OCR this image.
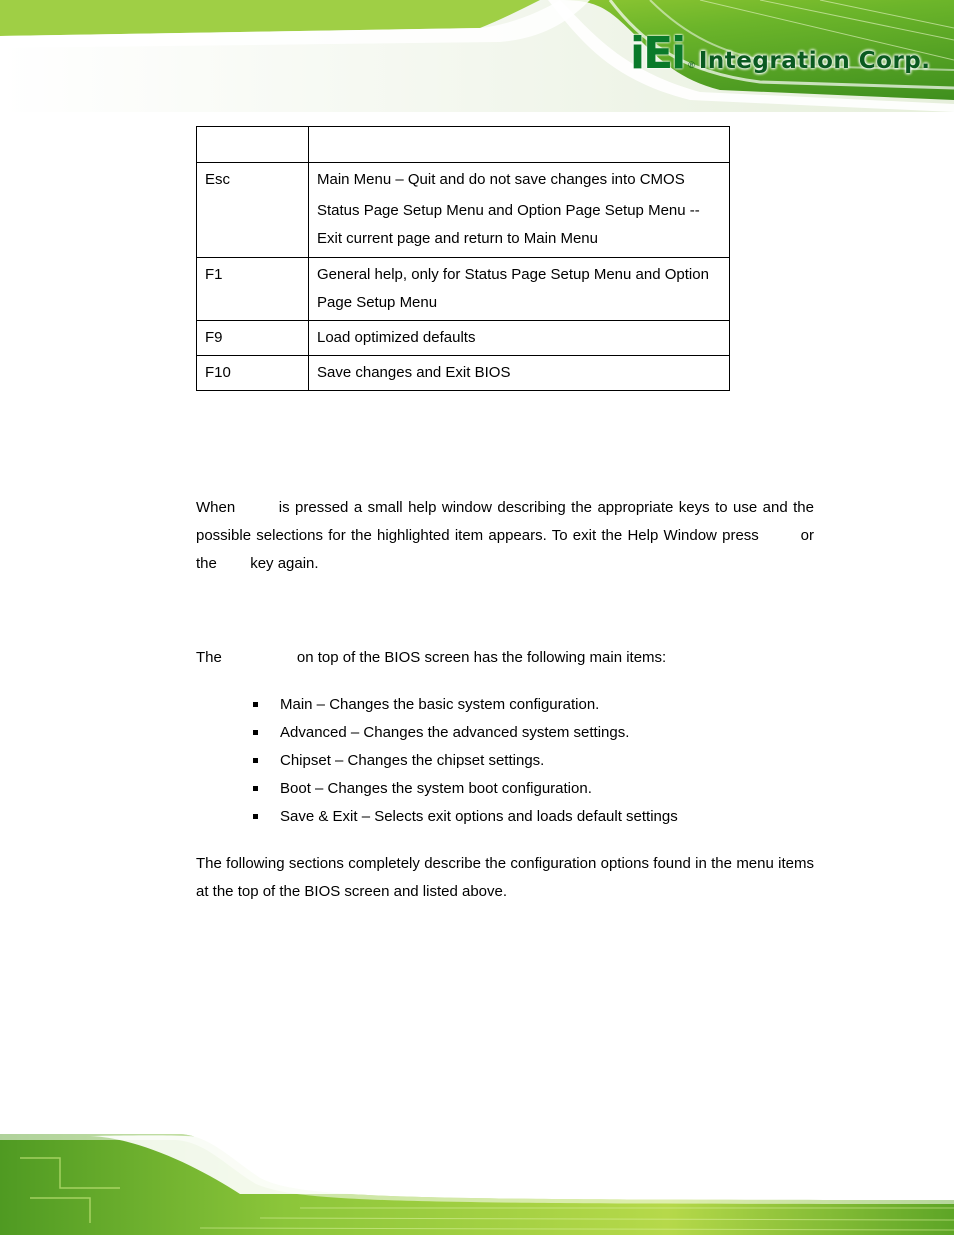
iEi ® Integration Corp.

Esc	Main Menu – Quit and do not save changes into CMOS
Status Page Setup Menu and Option Page Setup Menu --
Exit current page and return to Main Menu

F1	General help, only for Status Page Setup Menu and Option
Page Setup Menu

F9	Load optimized defaults

F10	Save changes and Exit BIOS

When        is pressed a small help window describing the appropriate keys to use and the possible selections for the highlighted item appears. To exit the Help Window press        or the        key again.

The                  on top of the BIOS screen has the following main items:

Main – Changes the basic system configuration.
Advanced – Changes the advanced system settings.
Chipset – Changes the chipset settings.
Boot – Changes the system boot configuration.
Save & Exit – Selects exit options and loads default settings

The following sections completely describe the configuration options found in the menu items at the top of the BIOS screen and listed above.
